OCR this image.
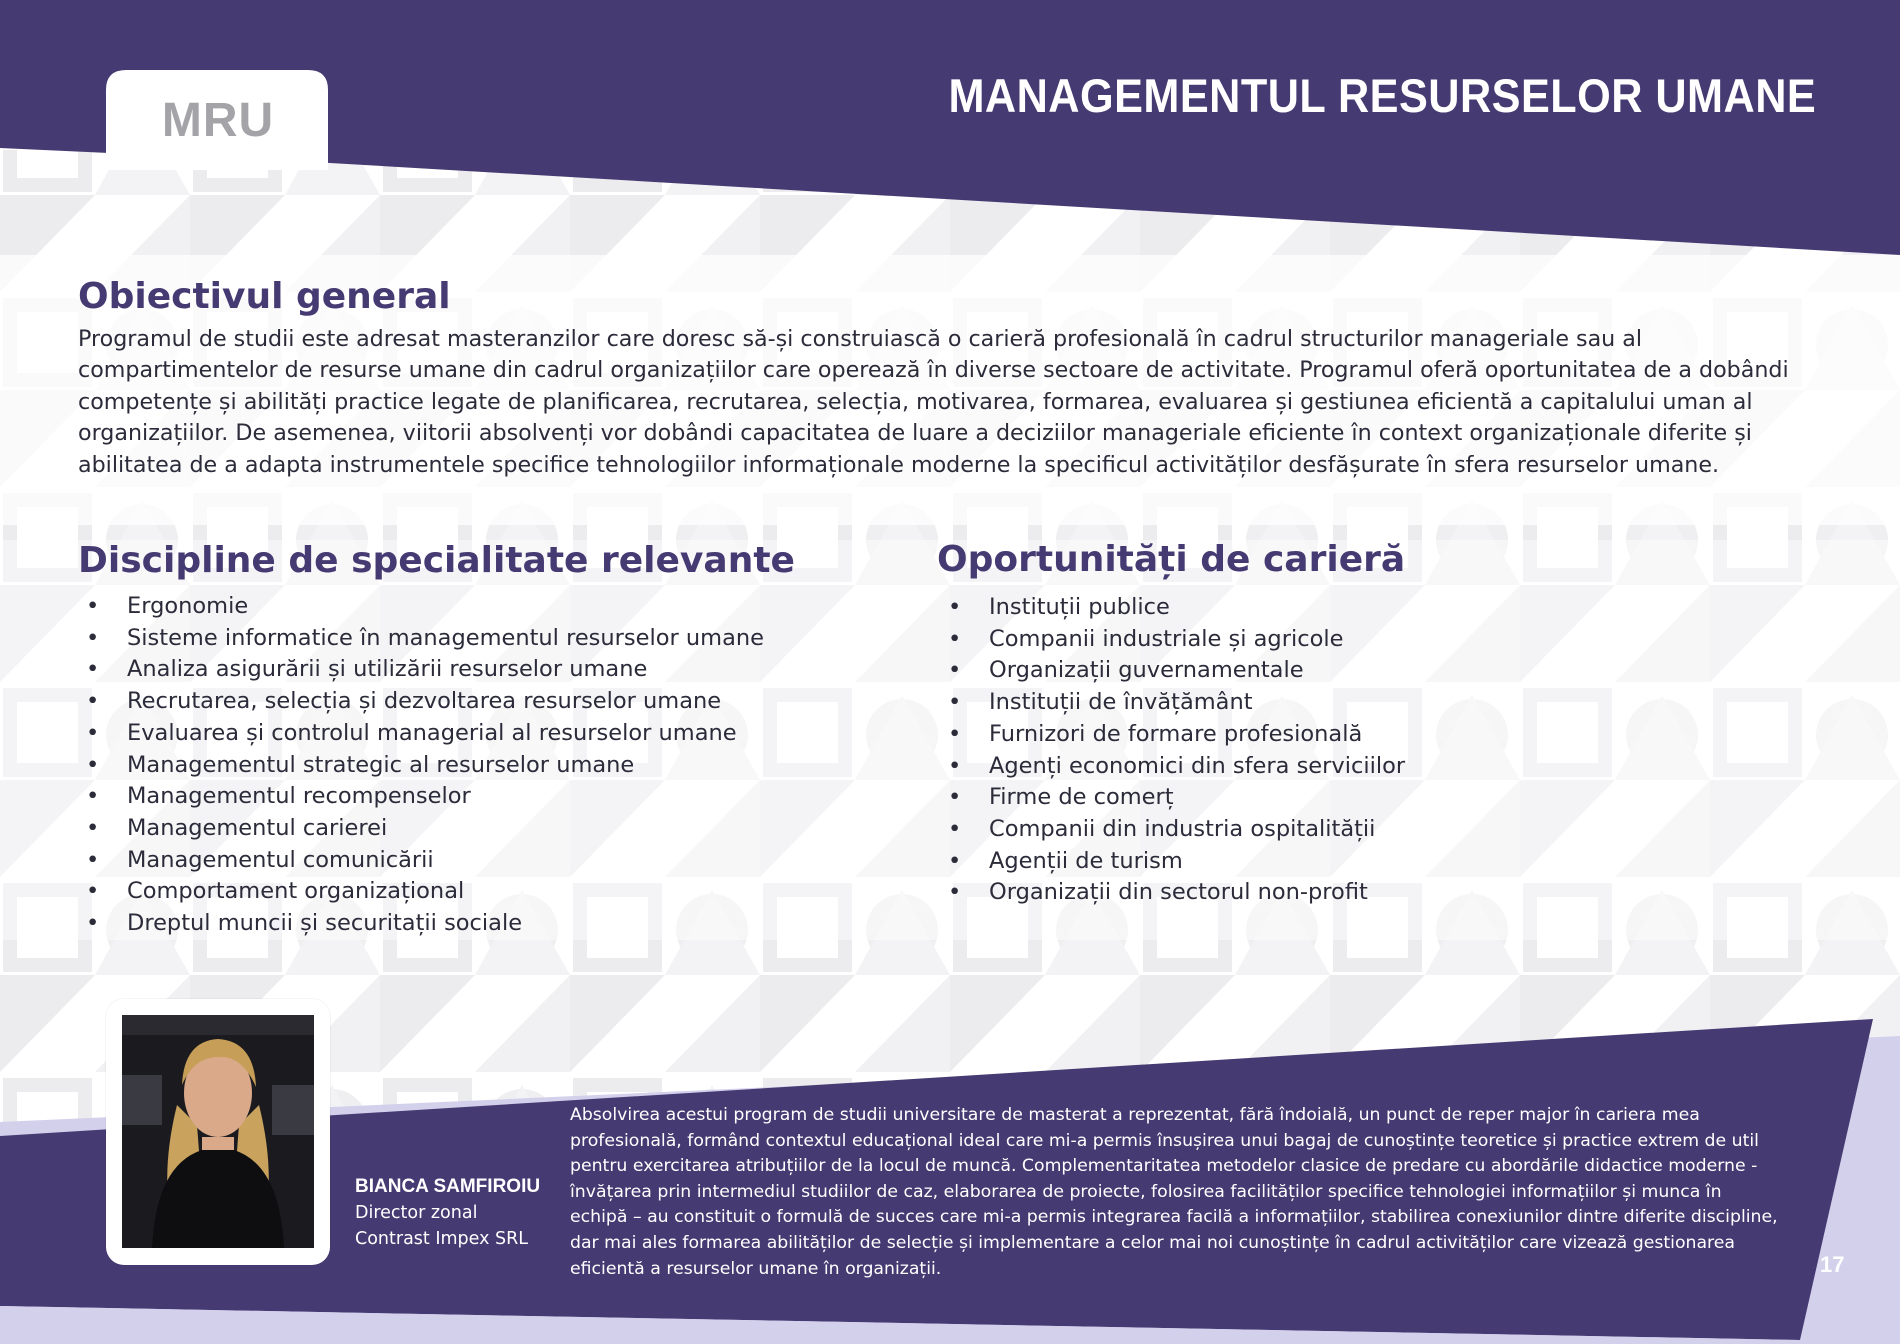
MRU	MANAGEMENTUL RESURSELOR UMANE
Obiectivul general

Programul de studii este adresat masteranzilor care doresc să-și construiască o carieră profesională în cadrul structurilor manageriale sau al compartimentelor de resurse umane din cadrul organizațiilor care operează în diverse sectoare de activitate. Programul oferă oportunitatea de a dobândi competențe și abilități practice legate de planificarea, recrutarea, selecția, motivarea, formarea, evaluarea și gestiunea eficientă a capitalului uman al organizațiilor. De asemenea, viitorii absolvenți vor dobândi capacitatea de luare a deciziilor manageriale eficiente în context organizaționale diferite și abilitatea de a adapta instrumentele specifice tehnologiilor informaționale moderne la specificul activităților desfășurate în sfera resurselor umane.

Discipline de specialitate relevante
• Ergonomie
• Sisteme informatice în managementul resurselor umane
• Analiza asigurării și utilizării resurselor umane
• Recrutarea, selecția și dezvoltarea resurselor umane
• Evaluarea și controlul managerial al resurselor umane
• Managementul strategic al resurselor umane
• Managementul recompenselor
• Managementul carierei
• Managementul comunicării
• Comportament organizațional
• Dreptul muncii și securitații sociale
Oportunități de carieră
• Instituții publice
• Companii industriale și agricole
• Organizații guvernamentale
• Instituții de învățământ
• Furnizori de formare profesională
• Agenți economici din sfera serviciilor
• Firme de comerț
• Companii din industria ospitalității
• Agenții de turism
• Organizații din sectorul non-profit
BIANCA SAMFIROIU
Director zonal
Contrast Impex SRL

Absolvirea acestui program de studii universitare de masterat a reprezentat, fără îndoială, un punct de reper major în cariera mea profesională, formând contextul educațional ideal care mi-a permis însușirea unui bagaj de cunoștințe teoretice și practice extrem de util pentru exercitarea atribuțiilor de la locul de muncă. Complementaritatea metodelor clasice de predare cu abordările didactice moderne - învățarea prin intermediul studiilor de caz, elaborarea de proiecte, folosirea facilităților specifice tehnologiei informațiilor și munca în echipă – au constituit o formulă de succes care mi-a permis integrarea facilă a informațiilor, stabilirea conexiunilor dintre diferite discipline, dar mai ales formarea abilităților de selecție și implementare a celor mai noi cunoștințe în cadrul activităților care vizează gestionarea eficientă a resurselor umane în organizații.	17
